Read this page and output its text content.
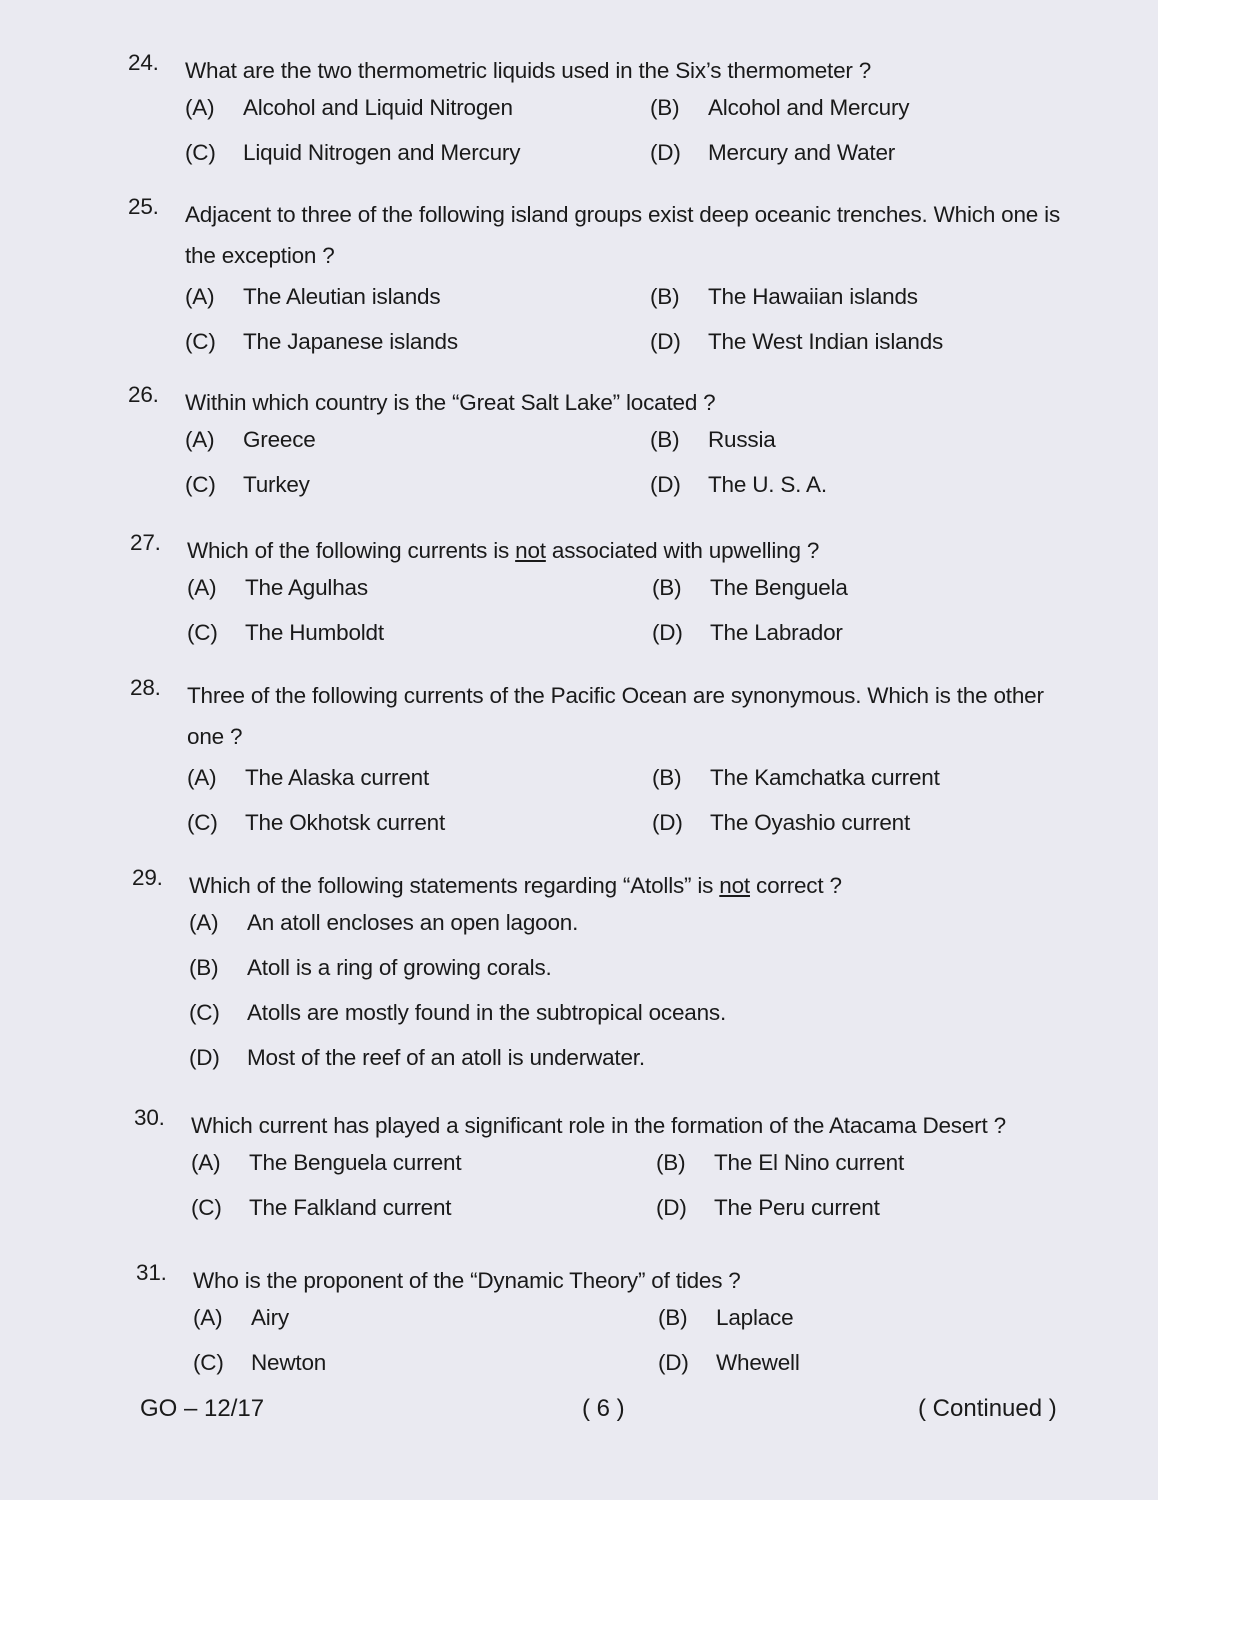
24. What are the two thermometric liquids used in the Six’s thermometer ?
(A) Alcohol and Liquid Nitrogen	(B) Alcohol and Mercury
(C) Liquid Nitrogen and Mercury	(D) Mercury and Water
25. Adjacent to three of the following island groups exist deep oceanic trenches. Which one is the exception ?
(A) The Aleutian islands	(B) The Hawaiian islands
(C) The Japanese islands	(D) The West Indian islands
26. Within which country is the “Great Salt Lake” located ?
(A) Greece	(B) Russia
(C) Turkey	(D) The U. S. A.
27. Which of the following currents is not associated with upwelling ?
(A) The Agulhas	(B) The Benguela
(C) The Humboldt	(D) The Labrador
28. Three of the following currents of the Pacific Ocean are synonymous. Which is the other one ?
(A) The Alaska current	(B) The Kamchatka current
(C) The Okhotsk current	(D) The Oyashio current
29. Which of the following statements regarding “Atolls” is not correct ?
(A) An atoll encloses an open lagoon.
(B) Atoll is a ring of growing corals.
(C) Atolls are mostly found in the subtropical oceans.
(D) Most of the reef of an atoll is underwater.
30. Which current has played a significant role in the formation of the Atacama Desert ?
(A) The Benguela current	(B) The El Nino current
(C) The Falkland current	(D) The Peru current
31. Who is the proponent of the “Dynamic Theory” of tides ?
(A) Airy	(B) Laplace
(C) Newton	(D) Whewell
GO – 12/17	( 6 )	( Continued )
